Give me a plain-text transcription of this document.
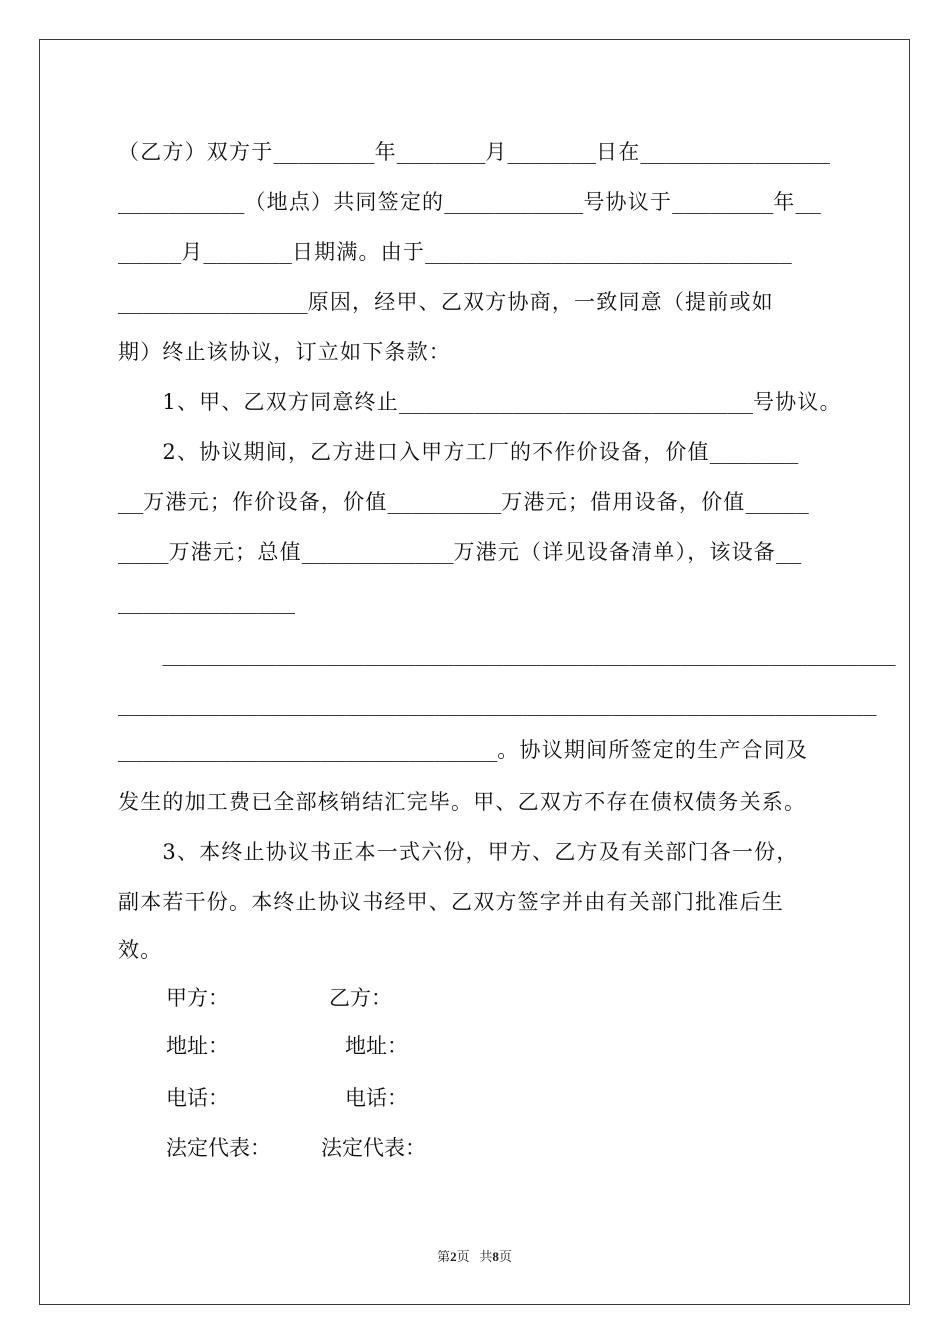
（乙方）双方于________年_______月_______日在_______________
__________（地点）共同签定的___________号协议于________年__
_____月_______日期满。由于_____________________________
_______________原因，经甲、乙双方协商，一致同意（提前或如
期）终止该协议，订立如下条款：
　　1、甲、乙双方同意终止____________________________号协议。
　　2、协议期间，乙方进口入甲方工厂的不作价设备，价值_______
__万港元；作价设备，价值_________万港元；借用设备，价值_____
____万港元；总值____________万港元（详见设备清单），该设备__
______________
　　__________________________________________________________
____________________________________________________________
______________________________。协议期间所签定的生产合同及
发生的加工费已全部核销结汇完毕。甲、乙双方不存在债权债务关系。
　　3、本终止协议书正本一式六份，甲方、乙方及有关部门各一份，
副本若干份。本终止协议书经甲、乙双方签字并由有关部门批准后生
效。
甲方：	乙方：
地址：	地址：
电话：	电话：
法定代表： 法定代表：
第2页 共8页
